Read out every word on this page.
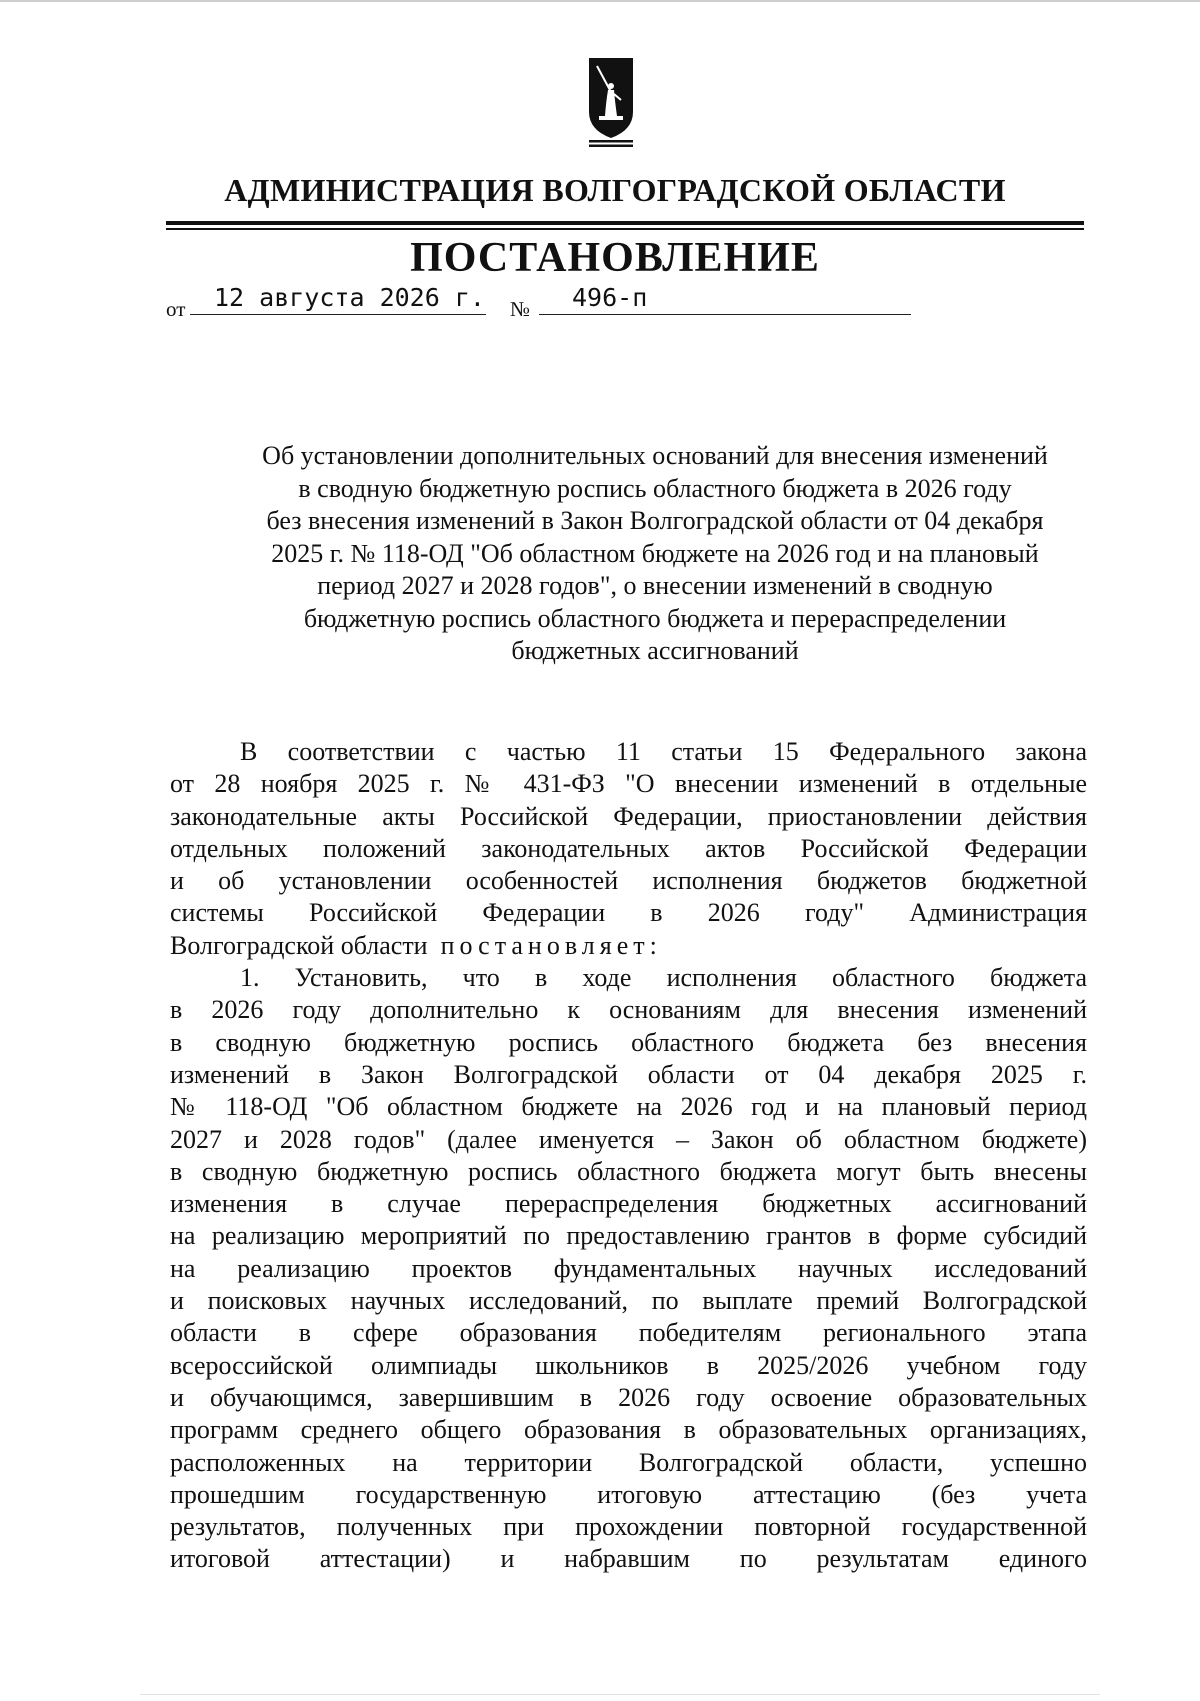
АДМИНИСТРАЦИЯ ВОЛГОГРАДСКОЙ ОБЛАСТИ
ПОСТАНОВЛЕНИЕ
от	12 августа 2026 г. №	496-п
Об установлении дополнительных оснований для внесения изменений
в сводную бюджетную роспись областного бюджета в 2026 году
без внесения изменений в Закон Волгоградской области от 04 декабря
2025 г. № 118-ОД "Об областном бюджете на 2026 год и на плановый
период 2027 и 2028 годов", о внесении изменений в сводную
бюджетную роспись областного бюджета и перераспределении
бюджетных ассигнований
В соответствии с частью 11 статьи 15 Федерального закона
от 28 ноября 2025 г. № 431-ФЗ "О внесении изменений в отдельные
законодательные акты Российской Федерации, приостановлении действия
отдельных положений законодательных актов Российской Федерации
и об установлении особенностей исполнения бюджетов бюджетной
системы Российской Федерации в 2026 году" Администрация
Волгоградской области постановляет:
1. Установить, что в ходе исполнения областного бюджета
в 2026 году дополнительно к основаниям для внесения изменений
в сводную бюджетную роспись областного бюджета без внесения
изменений в Закон Волгоградской области от 04 декабря 2025 г.
№ 118-ОД "Об областном бюджете на 2026 год и на плановый период
2027 и 2028 годов" (далее именуется – Закон об областном бюджете)
в сводную бюджетную роспись областного бюджета могут быть внесены
изменения в случае перераспределения бюджетных ассигнований
на реализацию мероприятий по предоставлению грантов в форме субсидий
на реализацию проектов фундаментальных научных исследований
и поисковых научных исследований, по выплате премий Волгоградской
области в сфере образования победителям регионального этапа
всероссийской олимпиады школьников в 2025/2026 учебном году
и обучающимся, завершившим в 2026 году освоение образовательных
программ среднего общего образования в образовательных организациях,
расположенных на территории Волгоградской области, успешно
прошедшим государственную итоговую аттестацию (без учета
результатов, полученных при прохождении повторной государственной
итоговой аттестации) и набравшим по результатам единого
